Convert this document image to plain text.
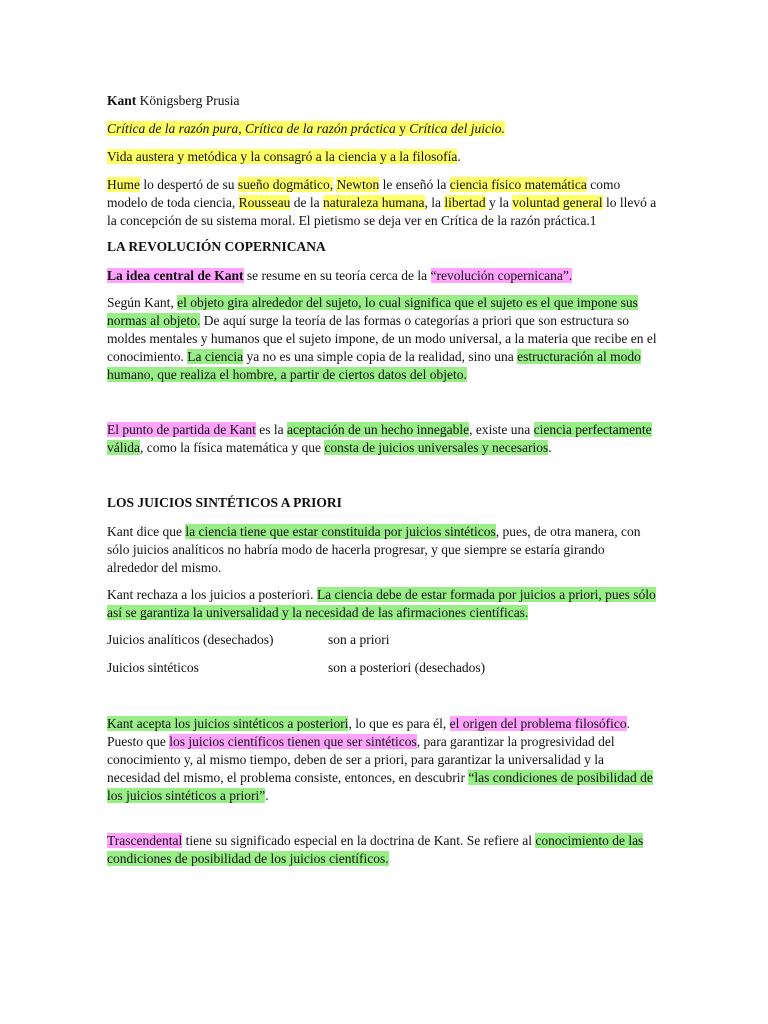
Kant Königsberg Prusia

Crítica de la razón pura, Crítica de la razón práctica y Crítica del juicio.

Vida austera y metódica y la consagró a la ciencia y a la filosofía.

Hume lo despertó de su sueño dogmático, Newton le enseñó la ciencia físico matemática como modelo de toda ciencia, Rousseau de la naturaleza humana, la libertad y la voluntad general lo llevó a la concepción de su sistema moral. El pietismo se deja ver en Crítica de la razón práctica.1

LA REVOLUCIÓN COPERNICANA

La idea central de Kant se resume en su teoría cerca de la “revolución copernicana”.

Según Kant, el objeto gira alrededor del sujeto, lo cual significa que el sujeto es el que impone sus normas al objeto. De aquí surge la teoría de las formas o categorías a priori que son estructura so moldes mentales y humanos que el sujeto impone, de un modo universal, a la materia que recibe en el conocimiento. La ciencia ya no es una simple copia de la realidad, sino una estructuración al modo humano, que realiza el hombre, a partir de ciertos datos del objeto.

El punto de partida de Kant es la aceptación de un hecho innegable, existe una ciencia perfectamente válida, como la física matemática y que consta de juicios universales y necesarios.

LOS JUICIOS SINTÉTICOS A PRIORI

Kant dice que la ciencia tiene que estar constituida por juicios sintéticos, pues, de otra manera, con sólo juicios analíticos no habría modo de hacerla progresar, y que siempre se estaría girando alrededor del mismo.

Kant rechaza a los juicios a posteriori. La ciencia debe de estar formada por juicios a priori, pues sólo así se garantiza la universalidad y la necesidad de las afirmaciones científicas.

Juicios analíticos (desechados)	son a priori
Juicios sintéticos	son a posteriori (desechados)

Kant acepta los juicios sintéticos a posteriori, lo que es para él, el origen del problema filosófico. Puesto que los juicios científicos tienen que ser sintéticos, para garantizar la progresividad del conocimiento y, al mismo tiempo, deben de ser a priori, para garantizar la universalidad y la necesidad del mismo, el problema consiste, entonces, en descubrir “las condiciones de posibilidad de los juicios sintéticos a priori”.

Trascendental tiene su significado especial en la doctrina de Kant. Se refiere al conocimiento de las condiciones de posibilidad de los juicios científicos.
